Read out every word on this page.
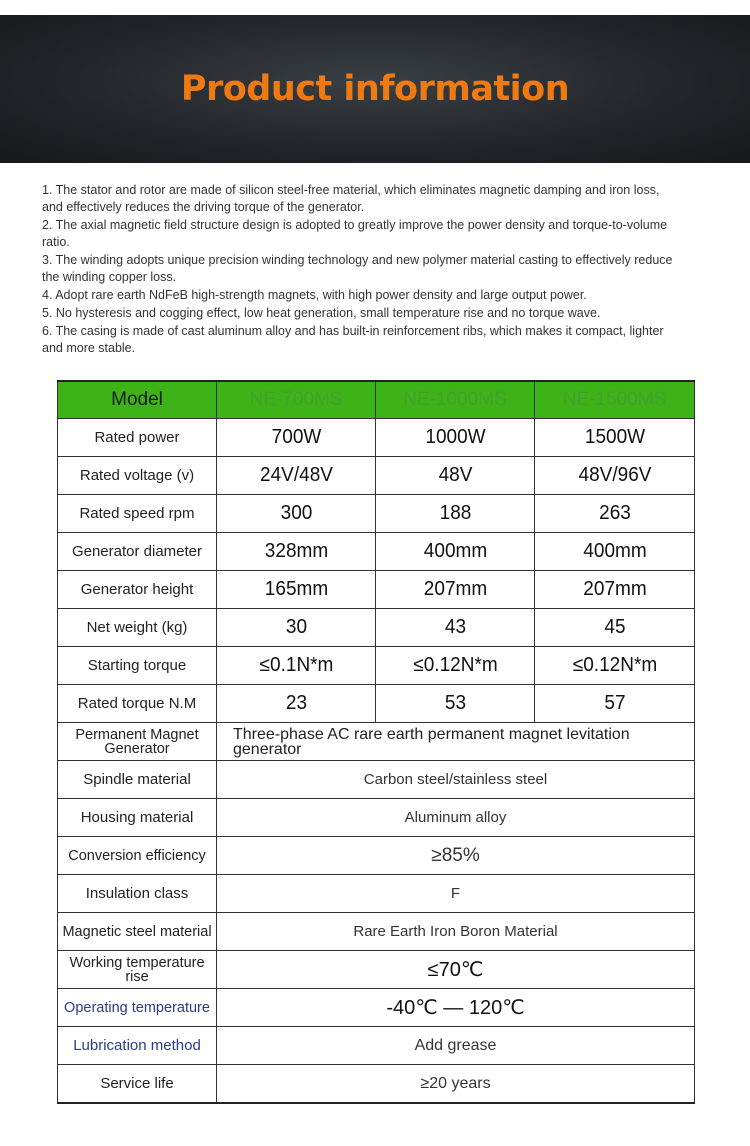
Product information

1. The stator and rotor are made of silicon steel-free material, which eliminates magnetic damping and iron loss, and effectively reduces the driving torque of the generator.

2. The axial magnetic field structure design is adopted to greatly improve the power density and torque-to-volume ratio.

3. The winding adopts unique precision winding technology and new polymer material casting to effectively reduce the winding copper loss.

4. Adopt rare earth NdFeB high-strength magnets, with high power density and large output power.

5. No hysteresis and cogging effect, low heat generation, small temperature rise and no torque wave.

6. The casing is made of cast aluminum alloy and has built-in reinforcement ribs, which makes it compact, lighter and more stable.

Model	NE-700MS	NE-1000MS	NE-1500MS
Rated power	700W	1000W	1500W
Rated voltage (v)	24V/48V	48V	48V/96V
Rated speed rpm	300	188	263
Generator diameter	328mm	400mm	400mm
Generator height	165mm	207mm	207mm
Net weight (kg)	30	43	45
Starting torque	≤0.1N*m	≤0.12N*m	≤0.12N*m
Rated torque N.M	23	53	57
Permanent Magnet Generator	Three-phase AC rare earth permanent magnet levitation generator		
Spindle material	Carbon steel/stainless steel		
Housing material	Aluminum alloy		
Conversion efficiency	≥85%		
Insulation class	F		
Magnetic steel material	Rare Earth Iron Boron Material		
Working temperature rise	≤70℃		
Operating temperature	-40℃ — 120℃		
Lubrication method	Add grease		
Service life	≥20 years		
